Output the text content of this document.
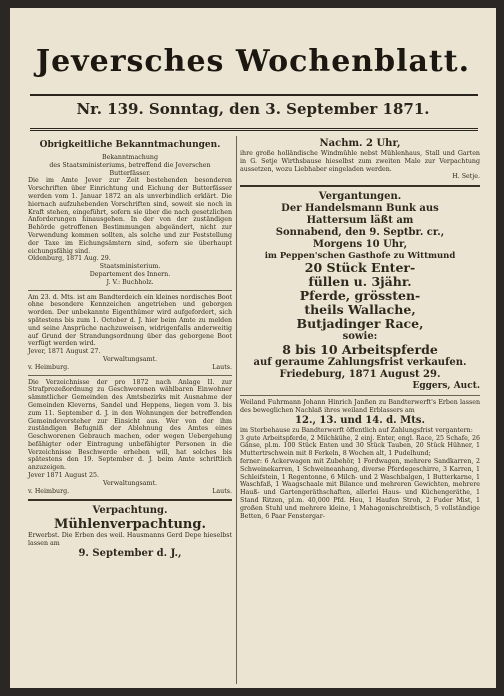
Jeversches Wochenblatt.
Nr. 139. Sonntag, den 3. September 1871.
Obrigkeitliche Bekanntmachungen.

Bekanntmachung

des Staatsministeriums, betreffend die Jeverschen Butterfässer.

Die im Amte Jever zur Zeit bestehenden besonderen Vorschriften über Einrichtung und Eichung der Butterfässer werden vom 1. Januar 1872 an als unverbindlich erklärt. Die hiernach aufzuhebenden Vorschriften sind, soweit sie noch in Kraft stehen, eingeführt, sofern sie über die nach gesetzlichen Anforderungen hinausgehen. In der von der zuständigen Behörde getroffenen Bestimmungen abgeändert, nicht zur Verwendung kommen sollten, als solche und zur Feststellung der Taxe im Eichungsämtern sind, sofern sie überhaupt eichungsfähig sind.

Oldenburg, 1871 Aug. 29.

Staatsministerium.

Departement des Innern.

J. V.: Buchholz.

Am 23. d. Mts. ist am Bandterdeich ein kleines nordisches Boot ohne besondere Kennzeichen angetrieben und geborgen worden. Der unbekannte Eigenthümer wird aufgefordert, sich spätestens bis zum 1. October d. J. hier beim Amte zu melden und seine Ansprüche nachzuweisen, widrigenfalls anderweitig auf Grund der Strandungsordnung über das geborgene Boot verfügt werden wird.

Jever, 1871 August 27.

Verwaltungsamt.

v. Heimburg.	Lauts.

Die Verzeichnisse der pro 1872 nach Anlage II. zur Strafprozeßordnung zu Geschworenen wählbaren Einwohner sämmtlicher Gemeinden des Amtsbezirks mit Ausnahme der Gemeinden Kleverns, Sandel und Heppens, liegen vom 3. bis zum 11. September d. J. in den Wohnungen der betreffenden Gemeindevorsteher zur Einsicht aus. Wer von der ihm zuständigen Befugniß der Ablehnung des Amtes eines Geschworenen Gebrauch machen, oder wegen Uebergehung befähigter oder Eintragung unbefähigter Personen in die Verzeichnisse Beschwerde erheben will, hat solches bis spätestens den 19. September d. J. beim Amte schriftlich anzuzeigen.

Jever 1871 August 25.

Verwaltungsamt.

v. Heimburg.	Lauts.

Verpachtung.

Mühlenverpachtung.

Erwerbst. Die Erben des weil. Hausmanns Gerd Depe hieselbst lassen am

9. September d. J.,

Nachm. 2 Uhr,

ihre große holländische Windmühle nebst Mühlenhaus, Stall und Garten in G. Setje Wirthsbause hieselbst zum zweiten Male zur Verpachtung aussetzen, wozu Liebhaber eingeladen werden.

H. Setje.

Vergantungen.

Der Handelsmann Bunk aus

Hattersum läßt am

Sonnabend, den 9. Septbr. cr.,

Morgens 10 Uhr,

im Peppen'schen Gasthofe zu Wittmund

20 Stück Enter-

füllen u. 3jähr.

Pferde, grössten-

theils Wallache,

Butjadinger Race,

sowie:

8 bis 10 Arbeitspferde

auf geraume Zahlungsfrist verkaufen.

Friedeburg, 1871 August 29.

Eggers, Auct.

Weiland Fuhrmann Johann Hinrich Janßen zu Bandterwerft's Erben lassen des beweglichen Nachlaß ihres weiland Erblassers am

12., 13. und 14. d. Mts.

im Sterbehause zu Bandterwerft öffentlich auf Zahlungsfrist vergantern:

3 gute Arbeitspferde, 2 Milchkühe, 2 einj. Enter, engl. Race, 25 Schafe, 26 Gänse, pl.m. 100 Stück Enten und 30 Stück Tauben, 20 Stück Hühner, 1 Muttertrschwein mit 8 Ferkeln, 8 Wochen alt, 1 Pudelhund;

ferner: 6 Ackerwagen mit Zubehör, 1 Fordwagen, mehrere Sandkarren, 2 Schweinekarren, 1 Schweineanhang, diverse Pferdegeschirre, 3 Karren, 1 Schleifstein, 1 Regentonne, 6 Milch- und 2 Waschbalgen, 1 Butterkarne, 1 Waschfaß, 1 Waagschaale mit Bilance und mehreren Gewichten, mehrere Hauß- und Gartengeräthschaften, allerlei Haus- und Küchengeräthe, 1 Stand Ritzen, pl.m. 40,000 Pfd. Heu, 1 Haufen Stroh, 2 Fuder Mist, 1 großen Stuhl und mehrere kleine, 1 Mahagonischreibtisch, 5 vollständige Betten, 6 Paar Fenstergar-
